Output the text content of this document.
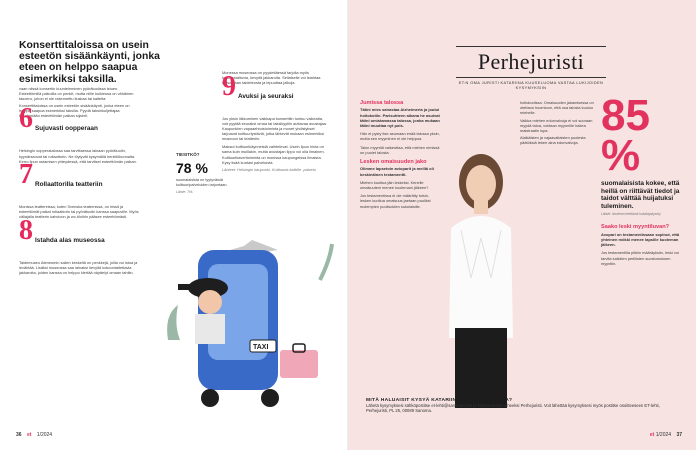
Konserttitaloissa on usein esteetön sisäänkäynti, jonka eteen on helppo saapua esimerkiksi taksilla.

vaan niissä konsertin kuunteleminen pyörätuolissa istuen. Esteettömillä paikoilla on penkit, mutta niille kulkiessa on vähäinen tasoero, johon ei ole rakennettu liuskaa tai kaiteita.

Konserttitaloissa on usein esteetön sisäänkäynti, jonka eteen on helppo saapua esimerkiksi taksilla. Pyydä taksinkuljettajaa kyselemään esteettömän paikan sijainti.

6 Sujuvasti oopperaan
Helsingin oopperatalossa saa tarvittaessa lainaan pyörätuolin, kyynärsauvat tai rollaattorin. Ne löytyvät kysymällä henkilökunnalta. Kerro lipun ostamisen yhteydessä, että tarvitset esteettömän paikan.
7 Rollaattorilla teatteriin
Monissa teattereissa, kuten Svenska teaternissa, on hissit ja esteettömät paikat rollaattorin tai pyörätuolin kanssa saapuville. Myös väliajalla teatterin kahvioon ja wc-tiloihin pääsee esteettömästi.
8 Istahda alas museossa
Taidemuseo Ateneumin salien keskellä on penkkejä, joilla voi istua ja levähtää. Lisäksi museossa saa lainaksi kevyitä kokoontaitettavia jakkaroita, joiden kanssa on helppo kiertää näyttelyt omaan tahtiin.

Monessa museossa on pyydettäessä tarjolla myös kokoontaittuvia, kevyitä jakkaroita. Sellaiselle voi istahtaa katsomaan taideteosta ja lepuuttaa jalkoja.

9 Avuksi ja seuraksi
Jos yksin liikkuminen vaikkapa konserttiin tuntuu vaikealta, voit pyytää seuraksi omaa tai taksikyytiin auttavaa avustajaa. Kaupunkien vapaaehtoistoiminta ja monet yhdistykset tarjoavat kulttuuriystäviä, jotka lähtevät mukaan esimerkiksi museoon tai teatteriin.

Maksut kulttuurikäynneistä vaihtelevat. Usein lipun hinta on sama kuin muillakin, mutta avustajan lippu voi olla ilmainen.

Kulttuurikaveritoiminta on monissa kaupungeissa ilmaista. Kysy lisää kuntasi palveluista.

Lähteet: Helsingin kaupunki, Kulttuuria kaikille -palvelu

TIESITKÖ?
78 %
suomalaisista on tyytyväisiä kulttuuripalveluiden tarjontaan.
Lähde: THL
TAXI
36 et 1/2024
Perhejuristi
ET:N OMA JURISTI KATARIINA KUUSELUOMA VASTAA LUKIJOIDEN KYSYMYKSIIN
Jumissa talossa
Tätini mies sairastaa Alzheimeria ja joutui hoitokotiin. Parisuhteen aikana he asuivat tätini omistamassa talossa, jonka mukaan tätini muuttaa nyt pois.
Hän ei pysty itse asumaan enää talossa yksin, mutta sen myyminen ei ole helppoa.
Talon myyntiä vaikeuttaa, että miehen nimissä on puolet talosta.
Lesken omaisuuden jako
Olimme lapsetoin avioparit ja meillä oli keskinäinen testamentti.
Miehen kuoltua jäin leskeksi. Kenelle omaisuuteni menee kuolemani jälkeen?
Jos testamentissa ei ole määrätty toisin, lesken kuoltua omaisuus jaetaan puoliksi molempien puolisoiden sukulaisille.

hoitokodissa. Omaisuuden jakamisessa on otettava huomioon, että osa talosta kuuluu miehelle.

Vaikka miehen edunvalvoja ei voi suoraan myydä taloa, voidaan myynnille hakea maistraatin lupa.

Alaikäisten ja vajaavaltaisten puolesta päätöksiä tekee aina edunvalvoja.

85 %
suomalaisista kokee, että heillä on riittävät tiedot ja taidot välttää huijatuksi tuleminen.
Lähde: Nordean teettämä kuluttajakysely
Saako leski myyntiluvan?
Avopari on testamentissaan sopinut, että yhteinen mökki menee lapsille kuoleman jälkeen.
Jos testamentilla pitkiin määräyksiin, leski voi tarvita kaikkien perillisten suostumuksen myyntiin.
MITÄ HALUAISIT KYSYÄ KATARIINALTA LAKIASIOISTA?
Lähetä kysymyksesi sähköpostitse et-lehti@sanoma.com ja kirjoita viestin aiheeksi Perhejuristi. Voit lähettää kysymyksesi myös postitse osoitteeseen ET-lehti, Perhejuristi, PL 25, 00089 Sanoma.
et 1/2024 37
